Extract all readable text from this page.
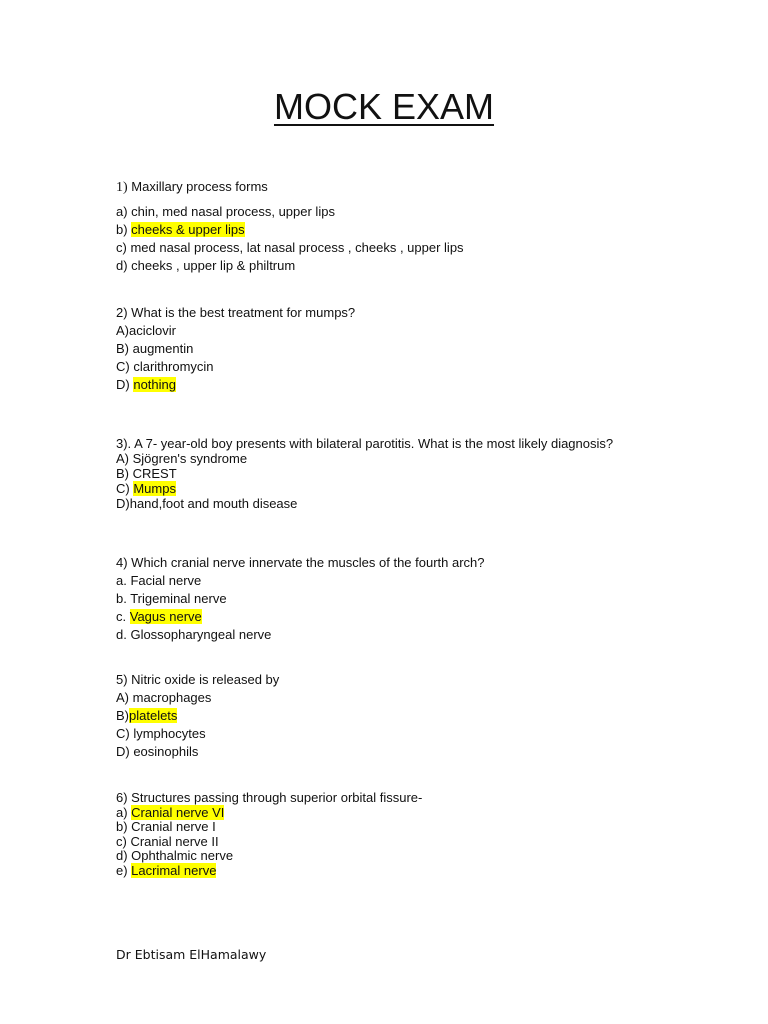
MOCK EXAM
1) Maxillary process forms
a) chin, med nasal process, upper lips
b) cheeks & upper lips
c) med nasal process, lat nasal process , cheeks , upper lips
d) cheeks , upper lip & philtrum
2) What is the best treatment for mumps?
A)aciclovir
B) augmentin
C) clarithromycin
D) nothing
3). A 7- year-old boy presents with bilateral parotitis. What is the most likely diagnosis?
A) Sjögren's syndrome
B) CREST
C) Mumps
D)hand,foot and mouth disease
4) Which cranial nerve innervate the muscles of the fourth arch?
a. Facial nerve
b. Trigeminal nerve
c. Vagus nerve
d. Glossopharyngeal nerve
5) Nitric oxide is released by
A) macrophages
B)platelets
C) lymphocytes
D) eosinophils
6) Structures passing through superior orbital fissure-
a) Cranial nerve VI
b) Cranial nerve I
c) Cranial nerve II
d) Ophthalmic nerve
e) Lacrimal nerve
Dr Ebtisam ElHamalawy
